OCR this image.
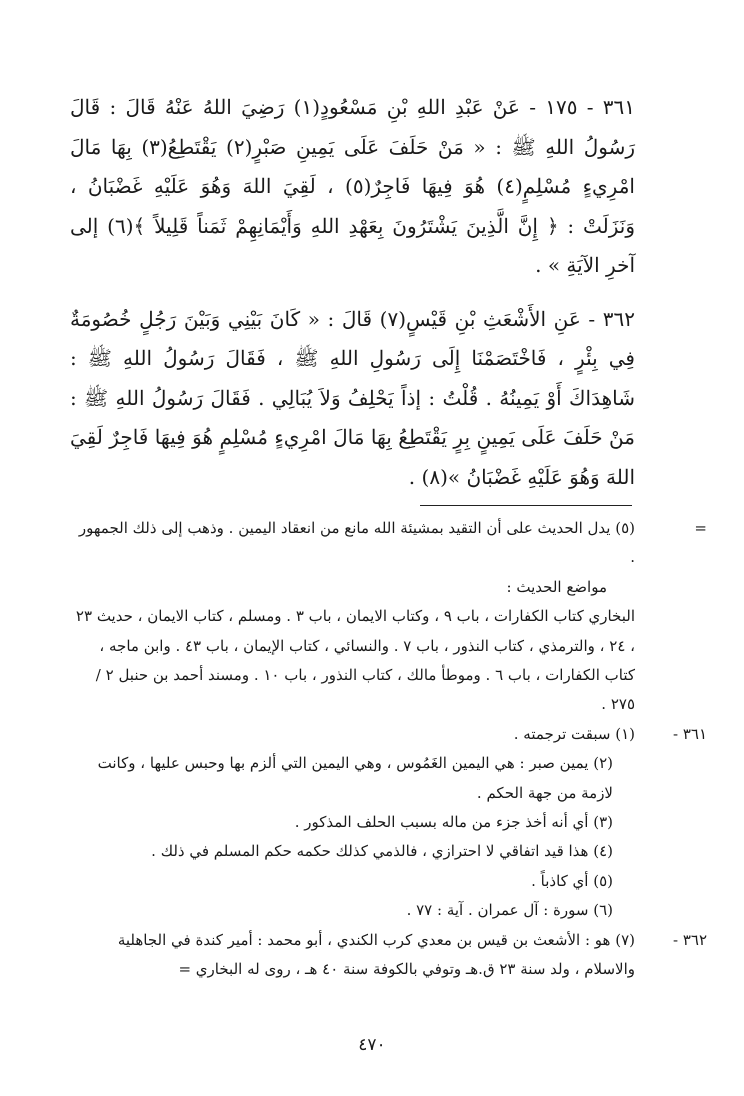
٣٦١ - ١٧٥ - عَنْ عَبْدِ اللهِ بْنِ مَسْعُودٍ(١) رَضِيَ اللهُ عَنْهُ قَالَ : قَالَ رَسُولُ اللهِ ﷺ : « مَنْ حَلَفَ عَلَى يَمِينِ صَبْرٍ(٢) يَقْتَطِعُ(٣) بِهَا مَالَ امْرِيءٍ مُسْلِمٍ(٤) هُوَ فِيهَا فَاجِرٌ(٥) ، لَقِيَ اللهَ وَهُوَ عَلَيْهِ غَضْبَانُ ، وَنَزَلَتْ : ﴿ إِنَّ الَّذِينَ يَشْتَرُونَ بِعَهْدِ اللهِ وَأَيْمَانِهِمْ ثَمَناً قَلِيلاً ﴾(٦) إلى آخرِ الآيَةِ » .

٣٦٢ - عَنِ الأَشْعَثِ بْنِ قَيْسٍ(٧) قَالَ : « كَانَ بَيْنِي وَبَيْنَ رَجُلٍ خُصُومَةٌ فِي بِئْرٍ ، فَاخْتَصَمْنَا إِلَى رَسُولِ اللهِ ﷺ ، فَقَالَ رَسُولُ اللهِ ﷺ : شَاهِدَاكَ أَوْ يَمِينُهُ . قُلْتُ : إذاً يَحْلِفُ وَلاَ يُبَالِي . فَقَالَ رَسُولُ اللهِ ﷺ : مَنْ حَلَفَ عَلَى يَمِينٍ بِرٍ يَقْتَطِعُ بِهَا مَالَ امْرِيءٍ مُسْلِمٍ هُوَ فِيهَا فَاجِرٌ لَقِيَ اللهَ وَهُوَ عَلَيْهِ غَضْبَانُ »(٨) .

=
(٥) يدل الحديث على أن التقيد بمشيئة الله مانع من انعقاد اليمين . وذهب إلى ذلك الجمهور .
مواضع الحديث :
البخاري كتاب الكفارات ، باب ٩ ، وكتاب الايمان ، باب ٣ . ومسلم ، كتاب الايمان ، حديث ٢٣ ، ٢٤ ، والترمذي ، كتاب النذور ، باب ٧ . والنسائي ، كتاب الإيمان ، باب ٤٣ . وابن ماجه ، كتاب الكفارات ، باب ٦ . وموطأ مالك ، كتاب النذور ، باب ١٠ . ومسند أحمد بن حنبل ٢ / ٢٧٥ .
٣٦١ -
(١) سبقت ترجمته .
(٢) يمين صبر : هي اليمين الغَمُوس ، وهي اليمين التي ألزم بها وحبس عليها ، وكانت لازمة من جهة الحكم .
(٣) أي أنه أخذ جزء من ماله بسبب الحلف المذكور .
(٤) هذا قيد اتفاقي لا احترازي ، فالذمي كذلك حكمه حكم المسلم في ذلك .
(٥) أي كاذباً .
(٦) سورة : آل عمران . آية : ٧٧ .
٣٦٢ -
(٧) هو : الأشعث بن قيس بن معدي كرب الكندي ، أبو محمد : أمير كندة في الجاهلية والاسلام ، ولد سنة ٢٣ ق.هـ وتوفي بالكوفة سنة ٤٠ هـ ، روى له البخاري =
٤٧٠
